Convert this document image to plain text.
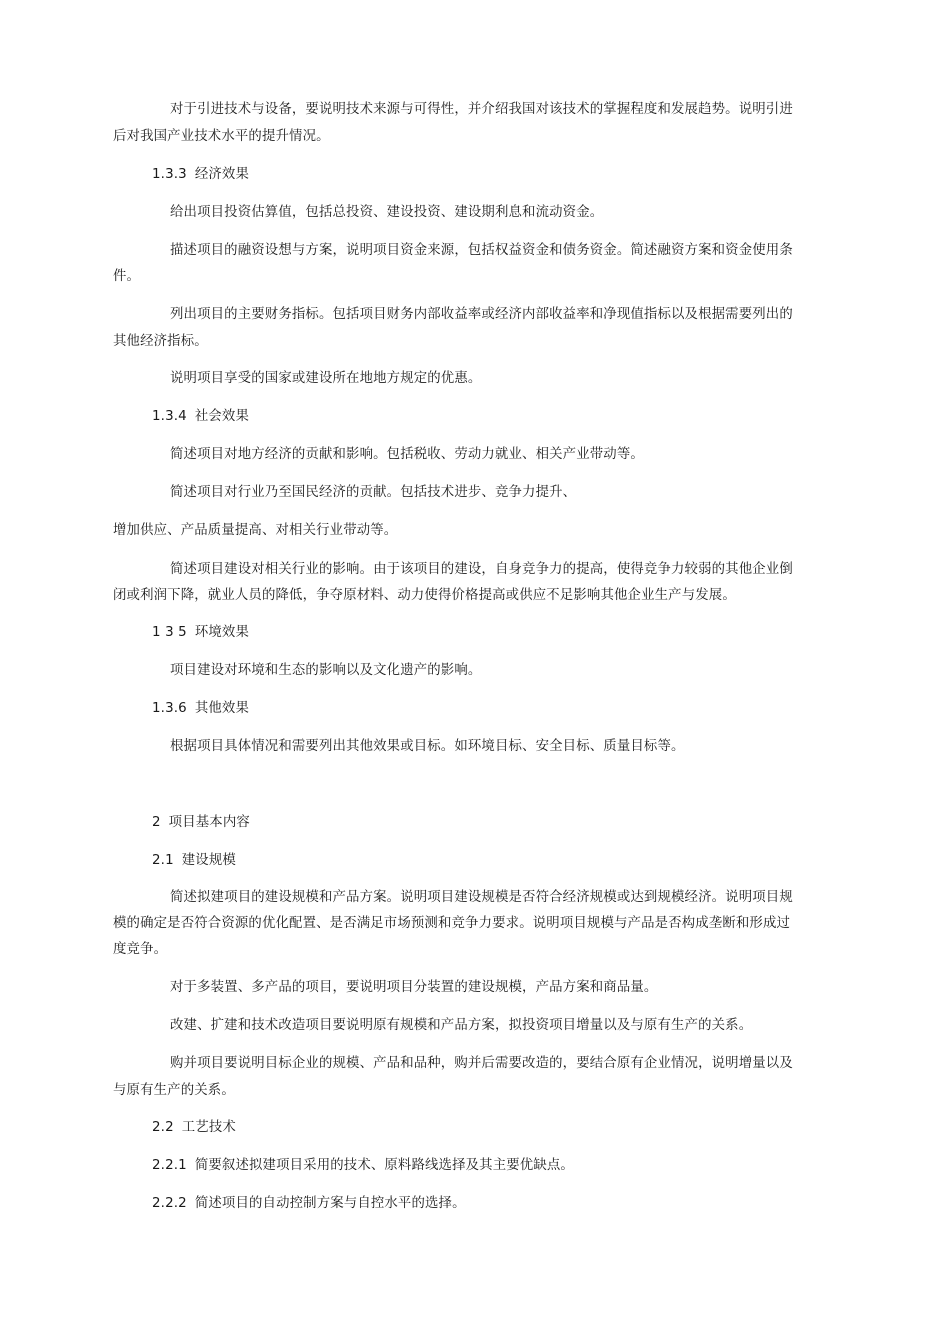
对于引进技术与设备，要说明技术来源与可得性，并介绍我国对该技术的掌握程度和发展趋势。说明引进
后对我国产业技术水平的提升情况。
1.3.3 经济效果
给出项目投资估算值，包括总投资、建设投资、建设期利息和流动资金。
描述项目的融资设想与方案，说明项目资金来源，包括权益资金和债务资金。简述融资方案和资金使用条
件。
列出项目的主要财务指标。包括项目财务内部收益率或经济内部收益率和净现值指标以及根据需要列出的
其他经济指标。
说明项目享受的国家或建设所在地地方规定的优惠。
1.3.4 社会效果
简述项目对地方经济的贡献和影响。包括税收、劳动力就业、相关产业带动等。
简述项目对行业乃至国民经济的贡献。包括技术进步、竞争力提升、
增加供应、产品质量提高、对相关行业带动等。
简述项目建设对相关行业的影响。由于该项目的建设，自身竞争力的提高，使得竞争力较弱的其他企业倒
闭或利润下降，就业人员的降低，争夺原材料、动力使得价格提高或供应不足影响其他企业生产与发展。
1 3 5 环境效果
项目建设对环境和生态的影响以及文化遗产的影响。
1.3.6 其他效果
根据项目具体情况和需要列出其他效果或目标。如环境目标、安全目标、质量目标等。
2 项目基本内容
2.1 建设规模
简述拟建项目的建设规模和产品方案。说明项目建设规模是否符合经济规模或达到规模经济。说明项目规
模的确定是否符合资源的优化配置、是否满足市场预测和竞争力要求。说明项目规模与产品是否构成垄断和形成过
度竞争。
对于多装置、多产品的项目，要说明项目分装置的建设规模，产品方案和商品量。
改建、扩建和技术改造项目要说明原有规模和产品方案，拟投资项目增量以及与原有生产的关系。
购并项目要说明目标企业的规模、产品和品种，购并后需要改造的，要结合原有企业情况，说明增量以及
与原有生产的关系。
2.2 工艺技术
2.2.1 简要叙述拟建项目采用的技术、原料路线选择及其主要优缺点。
2.2.2 简述项目的自动控制方案与自控水平的选择。
